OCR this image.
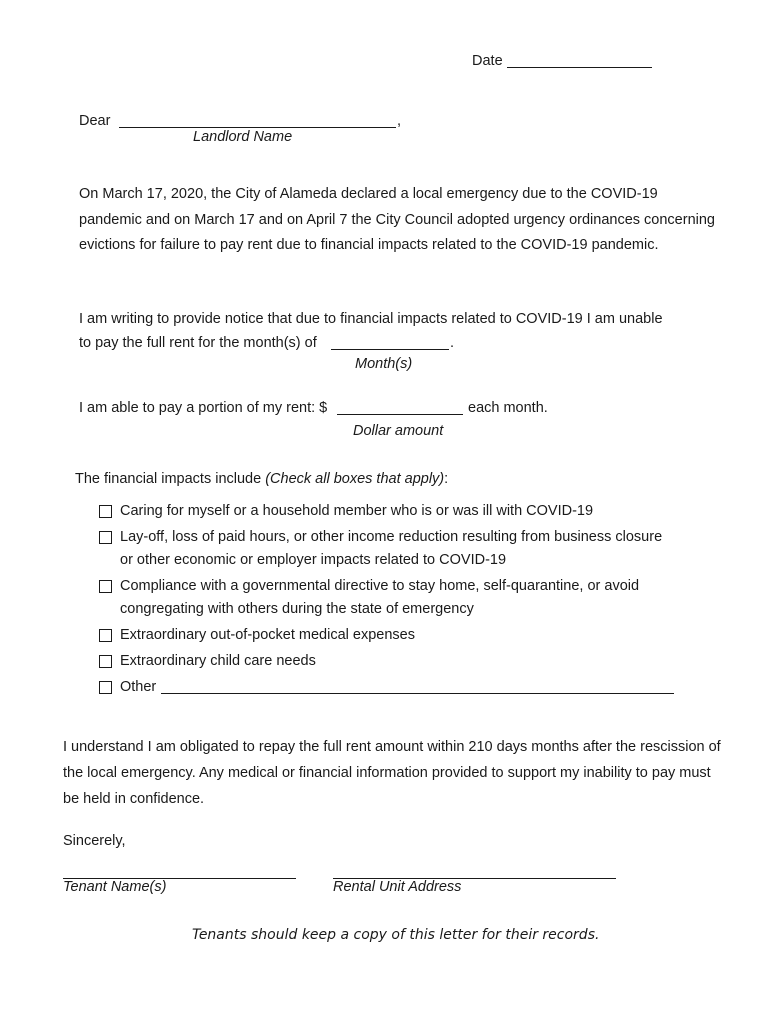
Date
Dear	,
Landlord Name
On March 17, 2020, the City of Alameda declared a local emergency due to the COVID-19 pandemic and on March 17 and on April 7 the City Council adopted urgency ordinances concerning evictions for failure to pay rent due to financial impacts related to the COVID-19 pandemic.
I am writing to provide notice that due to financial impacts related to COVID-19 I am unable
to pay the full rent for the month(s) of	.
Month(s)
I am able to pay a portion of my rent: $	each month.
Dollar amount
The financial impacts include (Check all boxes that apply):
Caring for myself or a household member who is or was ill with COVID-19
Lay-off, loss of paid hours, or other income reduction resulting from business closure
or other economic or employer impacts related to COVID-19
Compliance with a governmental directive to stay home, self-quarantine, or avoid
congregating with others during the state of emergency
Extraordinary out-of-pocket medical expenses
Extraordinary child care needs
Other
I understand I am obligated to repay the full rent amount within 210 days months after the rescission of the local emergency. Any medical or financial information provided to support my inability to pay must be held in confidence.
Sincerely,
Tenant Name(s)	Rental Unit Address
Tenants should keep a copy of this letter for their records.
